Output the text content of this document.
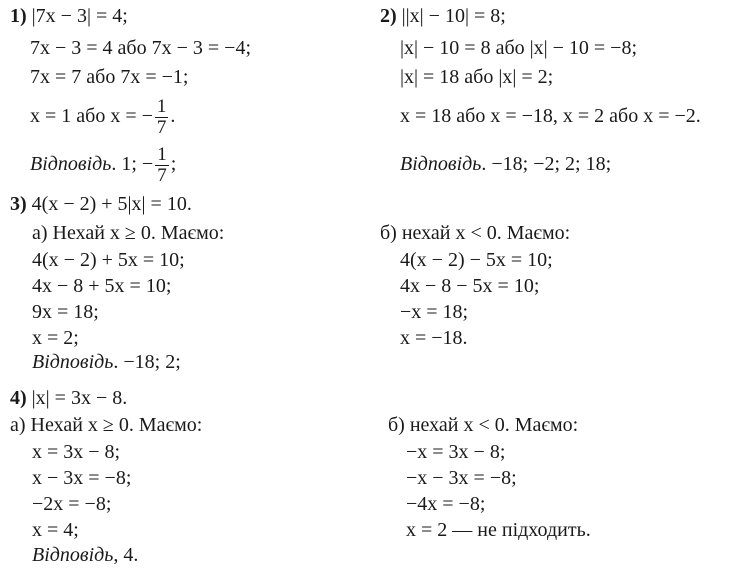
1) |7x − 3| = 4;
7x − 3 = 4 або 7x − 3 = −4;
7x = 7 або 7x = −1;
x = 1 або x = − $\frac{1}{7}$ .
Відповідь. 1; − $\frac{1}{7}$ ;
2) ||x| − 10| = 8;
|x| − 10 = 8 або |x| − 10 = −8;
|x| = 18 або |x| = 2;
x = 18 або x = −18, x = 2 або x = −2.
Відповідь. −18; −2; 2; 18;
3) 4(x − 2) + 5|x| = 10.
а) Нехай x ≥ 0. Маємо:
4(x − 2) + 5x = 10;
4x − 8 + 5x = 10;
9x = 18;
x = 2;
Відповідь. −18; 2;
б) нехай x < 0. Маємо:
4(x − 2) − 5x = 10;
4x − 8 − 5x = 10;
−x = 18;
x = −18.
4) |x| = 3x − 8.
а) Нехай x ≥ 0. Маємо:
x = 3x − 8;
x − 3x = −8;
−2x = −8;
x = 4;
Відповідь, 4.
б) нехай x < 0. Маємо:
−x = 3x − 8;
−x − 3x = −8;
−4x = −8;
x = 2 — не підходить.
